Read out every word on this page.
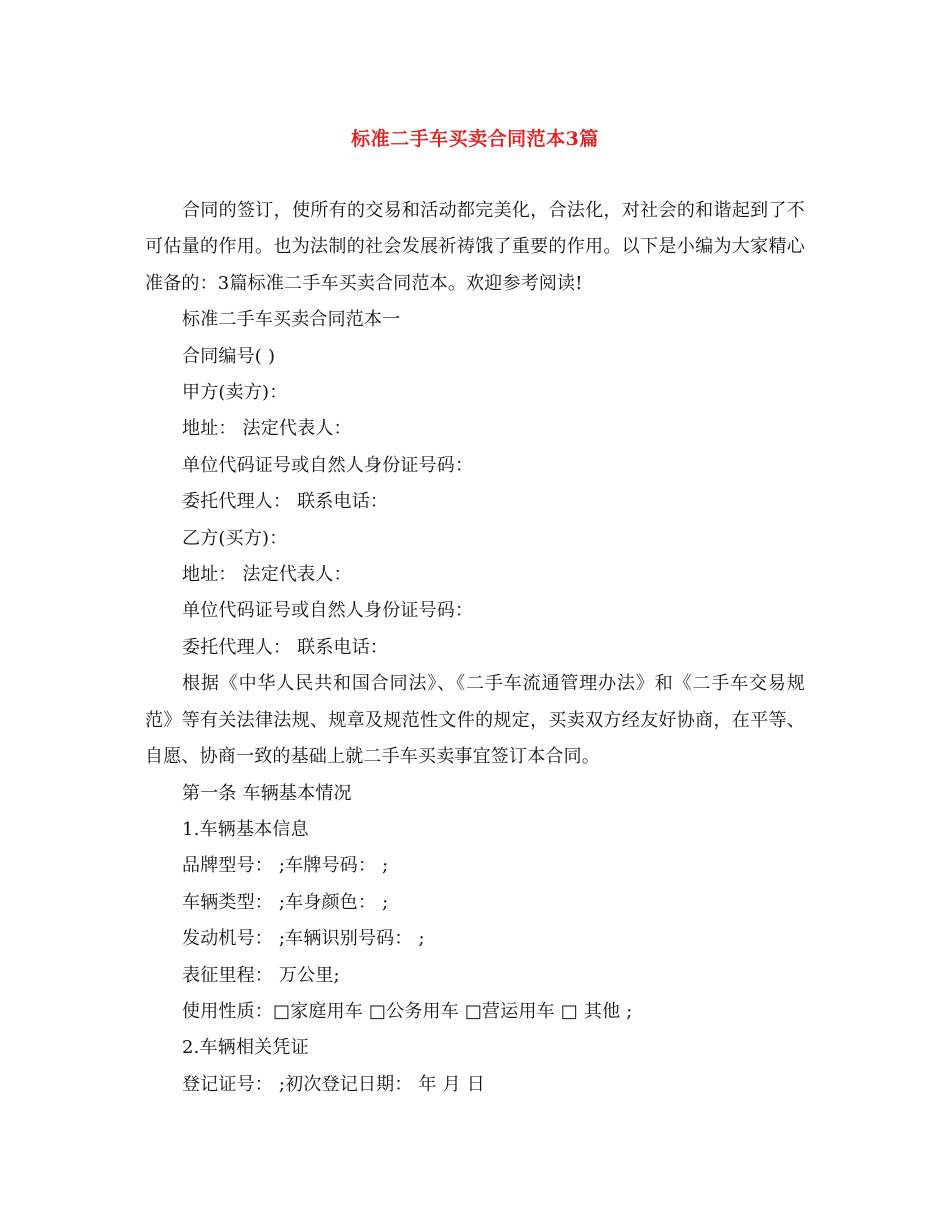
标准二手车买卖合同范本3篇

合同的签订，使所有的交易和活动都完美化，合法化，对社会的和谐起到了不可估量的作用。也为法制的社会发展祈祷饿了重要的作用。以下是小编为大家精心准备的：3篇标准二手车买卖合同范本。欢迎参考阅读!

标准二手车买卖合同范本一

合同编号( )

甲方(卖方)：

地址： 法定代表人：

单位代码证号或自然人身份证号码：

委托代理人： 联系电话：

乙方(买方)：

地址： 法定代表人：

单位代码证号或自然人身份证号码：

委托代理人： 联系电话：

根据《中华人民共和国合同法》、《二手车流通管理办法》和《二手车交易规范》等有关法律法规、规章及规范性文件的规定，买卖双方经友好协商，在平等、自愿、协商一致的基础上就二手车买卖事宜签订本合同。

第一条 车辆基本情况

1.车辆基本信息

品牌型号： ;车牌号码： ;

车辆类型： ;车身颜色： ;

发动机号： ;车辆识别号码： ;

表征里程： 万公里;

使用性质：□家庭用车 □公务用车 □营运用车 □ 其他 ;

2.车辆相关凭证

登记证号： ;初次登记日期： 年 月 日
